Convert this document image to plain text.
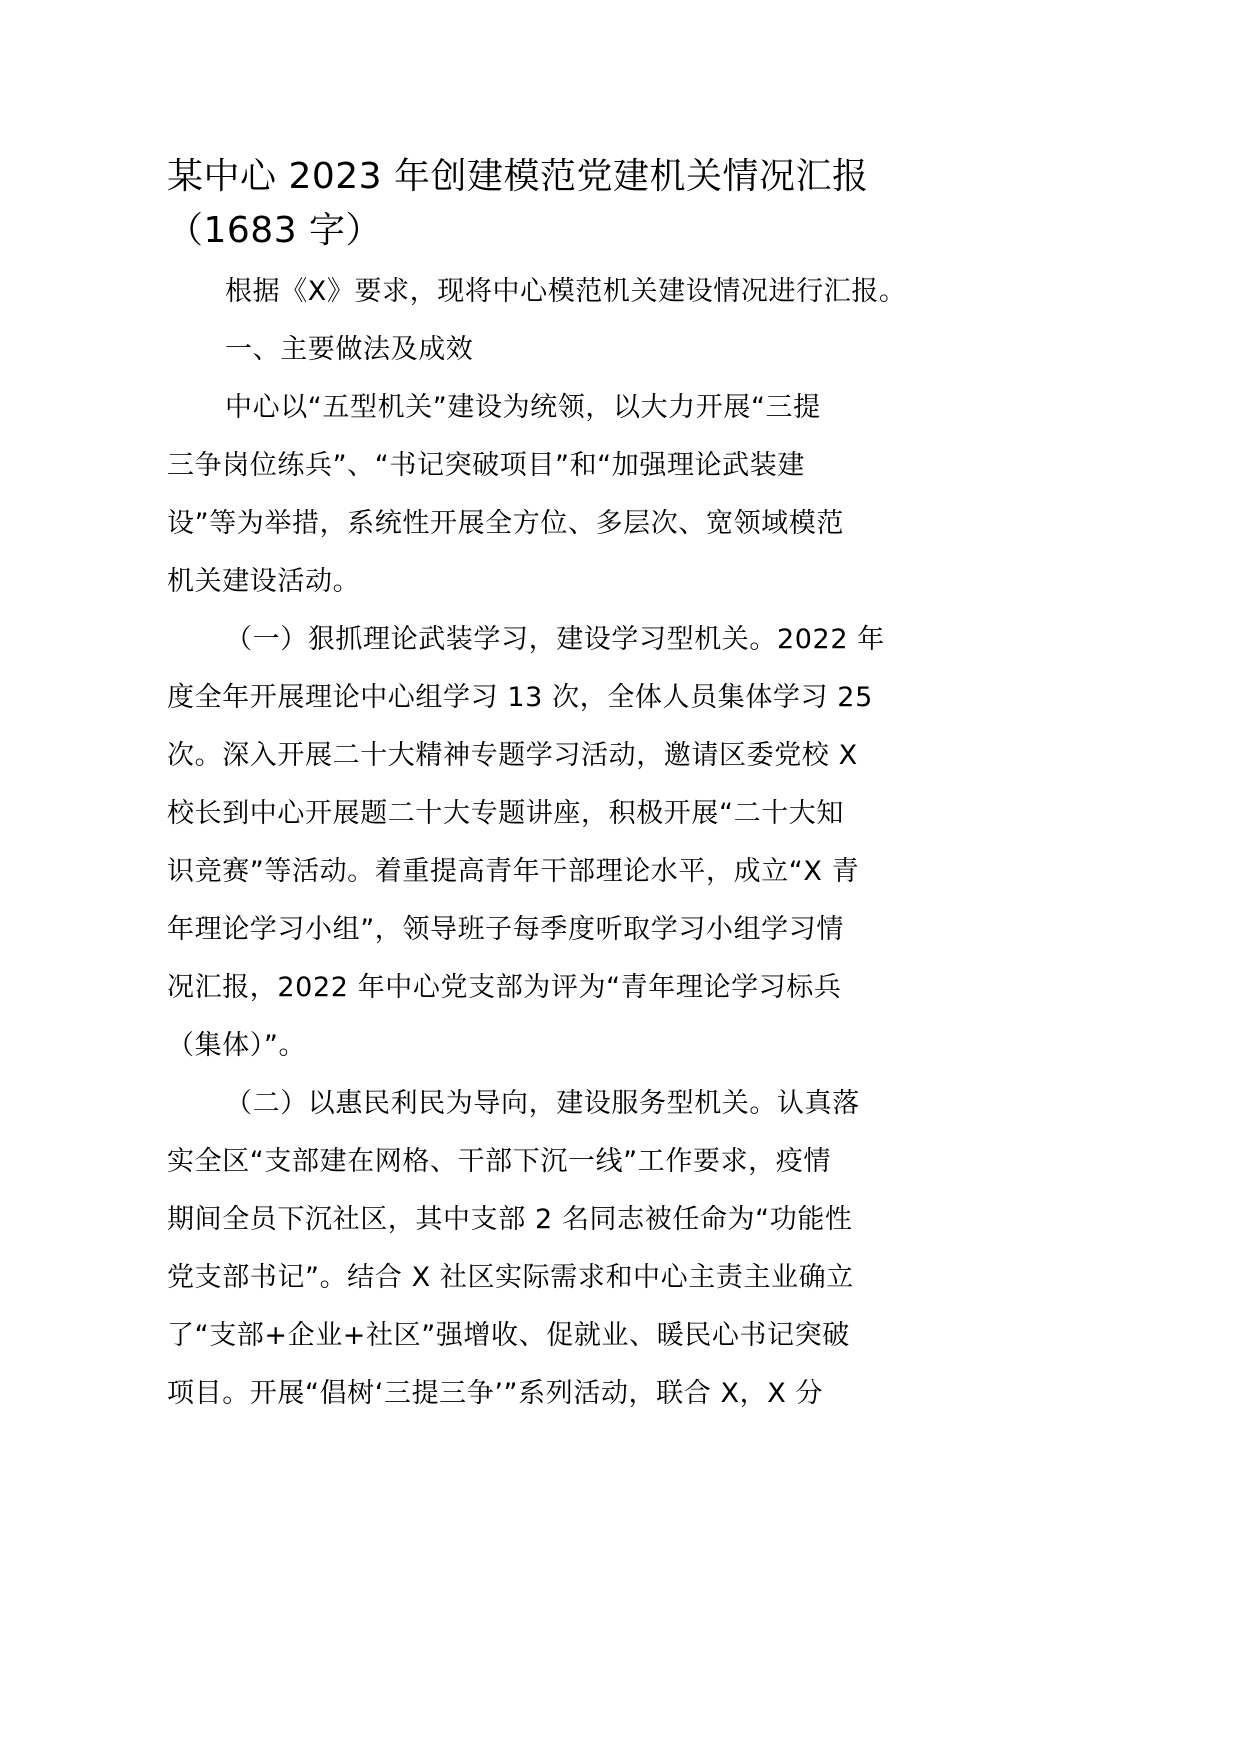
某中心 2023 年创建模范党建机关情况汇报
（1683 字）

根据《X》要求，现将中心模范机关建设情况进行汇报。

一、主要做法及成效

中心以“五型机关”建设为统领，以大力开展“三提
三争岗位练兵”、“书记突破项目”和“加强理论武装建
设”等为举措，系统性开展全方位、多层次、宽领域模范
机关建设活动。

（一）狠抓理论武装学习，建设学习型机关。2022 年
度全年开展理论中心组学习 13 次，全体人员集体学习 25
次。深入开展二十大精神专题学习活动，邀请区委党校 X
校长到中心开展题二十大专题讲座，积极开展“二十大知
识竞赛”等活动。着重提高青年干部理论水平，成立“X 青
年理论学习小组”，领导班子每季度听取学习小组学习情
况汇报，2022 年中心党支部为评为“青年理论学习标兵
（集体）”。

（二）以惠民利民为导向，建设服务型机关。认真落
实全区“支部建在网格、干部下沉一线”工作要求，疫情
期间全员下沉社区，其中支部 2 名同志被任命为“功能性
党支部书记”。结合 X 社区实际需求和中心主责主业确立
了“支部+企业+社区”强增收、促就业、暖民心书记突破
项目。开展“倡树‘三提三争’”系列活动，联合 X，X 分
